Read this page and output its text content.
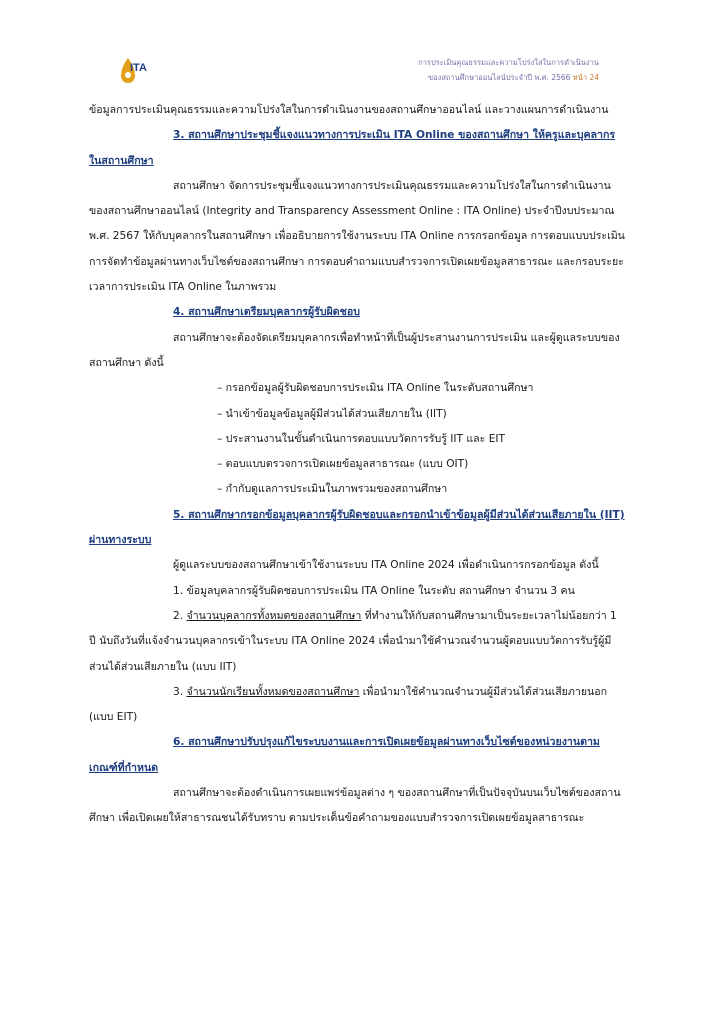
ITA	การประเมินคุณธรรมและความโปร่งใสในการดำเนินงาน
ของสถานศึกษาออนไลน์ประจำปี พ.ศ. 2566 หน้า 24

ข้อมูลการประเมินคุณธรรมและความโปร่งใสในการดำเนินงานของสถานศึกษาออนไลน์ และวางแผนการดำเนินงาน

3. สถานศึกษาประชุมชี้แจงแนวทางการประเมิน ITA Online ของสถานศึกษา ให้ครูและบุคลากรในสถานศึกษา

สถานศึกษา จัดการประชุมชี้แจงแนวทางการประเมินคุณธรรมและความโปร่งใสในการดำเนินงานของสถานศึกษาออนไลน์ (Integrity and Transparency Assessment Online : ITA Online) ประจำปีงบประมาณ พ.ศ. 2567 ให้กับบุคลากรในสถานศึกษา เพื่ออธิบายการใช้งานระบบ ITA Online การกรอกข้อมูล การตอบแบบประเมิน การจัดทำข้อมูลผ่านทางเว็บไซต์ของสถานศึกษา การตอบคำถามแบบสำรวจการเปิดเผยข้อมูลสาธารณะ และกรอบระยะเวลาการประเมิน ITA Online ในภาพรวม

4. สถานศึกษาเตรียมบุคลากรผู้รับผิดชอบ

สถานศึกษาจะต้องจัดเตรียมบุคลากรเพื่อทำหน้าที่เป็นผู้ประสานงานการประเมิน และผู้ดูแลระบบของสถานศึกษา ดังนี้

– กรอกข้อมูลผู้รับผิดชอบการประเมิน ITA Online ในระดับสถานศึกษา

– นำเข้าข้อมูลข้อมูลผู้มีส่วนได้ส่วนเสียภายใน (IIT)

– ประสานงานในขั้นดำเนินการตอบแบบวัดการรับรู้ IIT และ EIT

– ตอบแบบตรวจการเปิดเผยข้อมูลสาธารณะ (แบบ OIT)

– กำกับดูแลการประเมินในภาพรวมของสถานศึกษา

5. สถานศึกษากรอกข้อมูลบุคลากรผู้รับผิดชอบและกรอกนำเข้าข้อมูลผู้มีส่วนได้ส่วนเสียภายใน (IIT) ผ่านทางระบบ

ผู้ดูแลระบบของสถานศึกษาเข้าใช้งานระบบ ITA Online 2024 เพื่อดำเนินการกรอกข้อมูล ดังนี้

1. ข้อมูลบุคลากรผู้รับผิดชอบการประเมิน ITA Online ในระดับ สถานศึกษา จำนวน 3 คน

2. จำนวนบุคลากรทั้งหมดของสถานศึกษา ที่ทำงานให้กับสถานศึกษามาเป็นระยะเวลาไม่น้อยกว่า 1 ปี นับถึงวันที่แจ้งจำนวนบุคลากรเข้าในระบบ ITA Online 2024 เพื่อนำมาใช้คำนวณจำนวนผู้ตอบแบบวัดการรับรู้ผู้มีส่วนได้ส่วนเสียภายใน (แบบ IIT)

3. จำนวนนักเรียนทั้งหมดของสถานศึกษา เพื่อนำมาใช้คำนวณจำนวนผู้มีส่วนได้ส่วนเสียภายนอก (แบบ EIT)

6. สถานศึกษาปรับปรุงแก้ไขระบบงานและการเปิดเผยข้อมูลผ่านทางเว็บไซต์ของหน่วยงานตามเกณฑ์ที่กำหนด

สถานศึกษาจะต้องดำเนินการเผยแพร่ข้อมูลต่าง ๆ ของสถานศึกษาที่เป็นปัจจุบันบนเว็บไซต์ของสถานศึกษา เพื่อเปิดเผยให้สาธารณชนได้รับทราบ ตามประเด็นข้อคำถามของแบบสำรวจการเปิดเผยข้อมูลสาธารณะ
